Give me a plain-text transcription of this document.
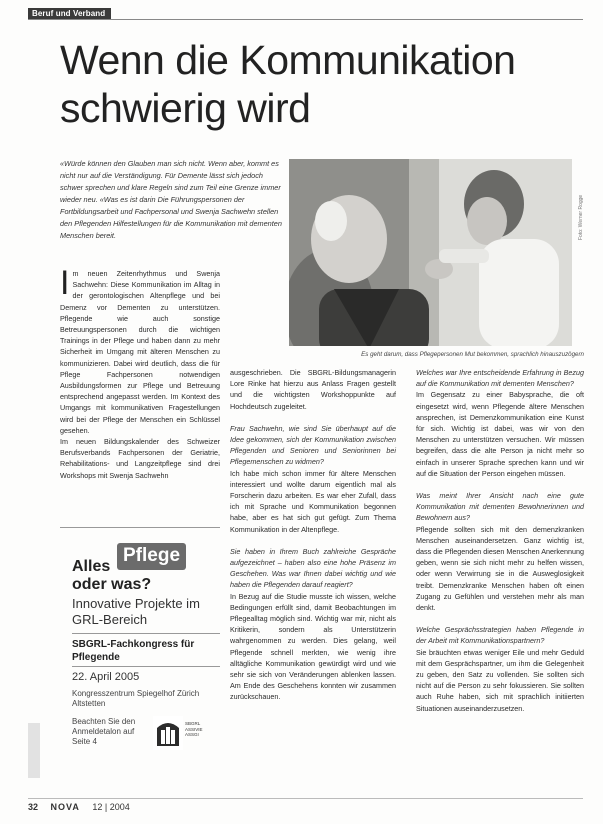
Beruf und Verband
Wenn die Kommunikation
schwierig wird
«Würde können den Glauben man sich nicht. Wenn aber, kommt es nicht nur auf die Verständigung. Für Demente lässt sich jedoch schwer sprechen und klare Regeln sind zum Teil eine Grenze immer wieder neu. «Was es ist darin Die Führungspersonen der Fortbildungsarbeit und Fachpersonal und Swenja Sachwehn stellen den Pflegenden Hilfestellungen für die Kommunikation mit dementen Menschen bereit.	Foto: Werner Rogge
Es geht darum, dass Pflegepersonen Mut bekommen, sprachlich hinauszuzögern
I m neuen Zeitenrhythmus und Swenja Sachwehn: Diese Kommunikation im Alltag in der gerontologischen Altenpflege und bei Demenz vor Dementen zu unterstützen. Pflegende wie auch sonstige Betreuungspersonen durch die wichtigen Trainings in der Pflege und haben dann zu mehr Sicherheit im Umgang mit älteren Menschen zu kommunizieren. Dabei wird deutlich, dass die für Pflege Fachpersonen notwendigen Ausbildungsformen zur Pflege und Betreuung entsprechend angepasst werden. Im Kontext des Umgangs mit kommunikativen Fragestellungen wird bei der Pflege der Menschen ein Schlüssel gesehen.

Im neuen Bildungskalender des Schweizer Berufsverbands Fachpersonen der Geriatrie, Rehabilitations- und Langzeitpflege sind drei Workshops mit Swenja Sachwehn

ausgeschrieben. Die SBGRL-Bildungsmanagerin Lore Rinke hat hierzu aus Anlass Fragen gestellt und die wichtigsten Workshoppunkte auf Hochdeutsch zugeleitet.

Frau Sachwehn, wie sind Sie überhaupt auf die Idee gekommen, sich der Kommunikation zwischen Pflegenden und Senioren und Seniorinnen bei Pflegemenschen zu widmen?

Ich habe mich schon immer für ältere Menschen interessiert und wollte darum eigentlich mal als Forscherin dazu arbeiten. Es war eher Zufall, dass ich mit Sprache und Kommunikation begonnen habe, aber es hat sich gut gefügt. Zum Thema Kommunikation in der Altenpflege.

Sie haben in Ihrem Buch zahlreiche Gespräche aufgezeichnet – haben also eine hohe Präsenz im Geschehen. Was war Ihnen dabei wichtig und wie haben die Pflegenden darauf reagiert?

In Bezug auf die Studie musste ich wissen, welche Bedingungen erfüllt sind, damit Beobachtungen im Pflegealltag möglich sind. Wichtig war mir, nicht als Kritikerin, sondern als Unterstützerin wahrgenommen zu werden. Dies gelang, weil Pflegende schnell merkten, wie wenig ihre alltägliche Kommunikation gewürdigt wird und wie sehr sie sich von Veränderungen ablenken lassen. Am Ende des Geschehens konnten wir zusammen zurückschauen.

Welches war Ihre entscheidende Erfahrung in Bezug auf die Kommunikation mit dementen Menschen?

Im Gegensatz zu einer Babysprache, die oft eingesetzt wird, wenn Pflegende ältere Menschen ansprechen, ist Demenzkommunikation eine Kunst für sich. Wichtig ist dabei, was wir von den Menschen zu unterstützen versuchen. Wir müssen begreifen, dass die alte Person ja nicht mehr so einfach in unserer Sprache sprechen kann und wir auf die Situation der Person eingehen müssen.

Was meint Ihrer Ansicht nach eine gute Kommunikation mit dementen Bewohnerinnen und Bewohnern aus?

Pflegende sollten sich mit den demenzkranken Menschen auseinandersetzen. Ganz wichtig ist, dass die Pflegenden diesen Menschen Anerkennung geben, wenn sie sich nicht mehr zu helfen wissen, oder wenn Verwirrung sie in die Ausweglosigkeit treibt. Demenzkranke Menschen haben oft einen Zugang zu Gefühlen und verstehen mehr als man denkt.

Welche Gesprächsstrategien haben Pflegende in der Arbeit mit Kommunikationspartnern?

Sie bräuchten etwas weniger Eile und mehr Geduld mit dem Gesprächspartner, um ihm die Gelegenheit zu geben, den Satz zu vollenden. Sie sollten sich nicht auf die Person zu sehr fokussieren. Sie sollten auch Ruhe haben, sich mit sprachlich initiierten Situationen auseinanderzusetzen.

Alles
Pflege
oder was?
Innovative Projekte im GRL-Bereich
SBGRL-Fachkongress für Pflegende
22. April 2005
Kongresszentrum Spiegelhof Zürich Altstetten
Beachten Sie den Anmeldetalon auf Seite 4
SBGRL ASSIVIE ASSGI
32 NOVA 12 | 2004
